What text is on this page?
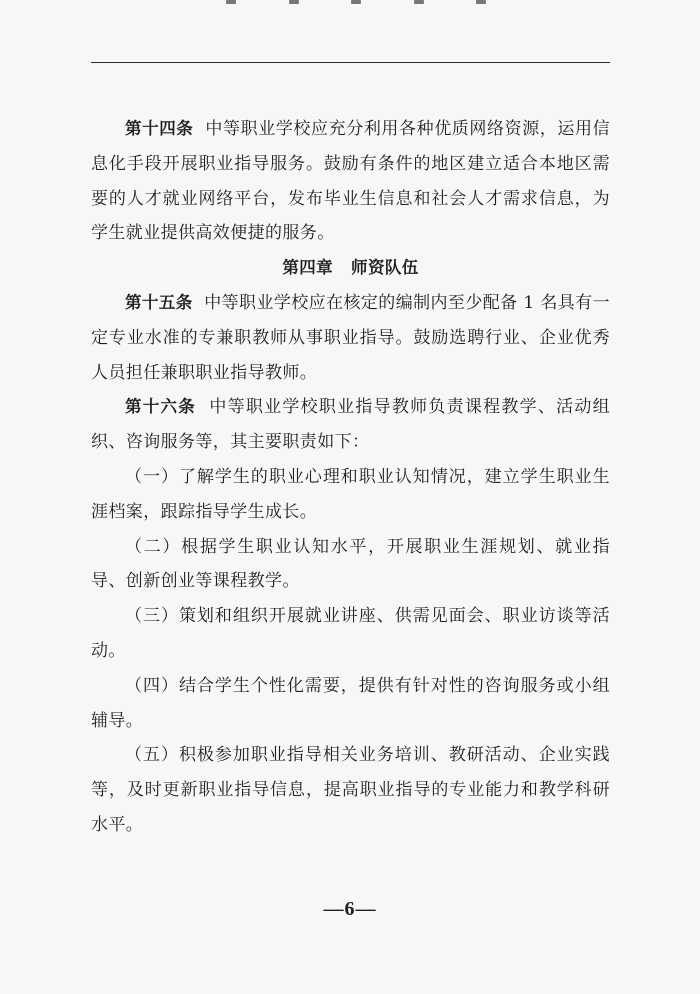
第十四条 中等职业学校应充分利用各种优质网络资源，运用信息化手段开展职业指导服务。鼓励有条件的地区建立适合本地区需要的人才就业网络平台，发布毕业生信息和社会人才需求信息，为学生就业提供高效便捷的服务。

第四章 师资队伍

第十五条 中等职业学校应在核定的编制内至少配备 1 名具有一定专业水准的专兼职教师从事职业指导。鼓励选聘行业、企业优秀人员担任兼职职业指导教师。

第十六条 中等职业学校职业指导教师负责课程教学、活动组织、咨询服务等，其主要职责如下：

（一）了解学生的职业心理和职业认知情况，建立学生职业生涯档案，跟踪指导学生成长。

（二）根据学生职业认知水平，开展职业生涯规划、就业指导、创新创业等课程教学。

（三）策划和组织开展就业讲座、供需见面会、职业访谈等活动。

（四）结合学生个性化需要，提供有针对性的咨询服务或小组辅导。

（五）积极参加职业指导相关业务培训、教研活动、企业实践等，及时更新职业指导信息，提高职业指导的专业能力和教学科研水平。

—6—
